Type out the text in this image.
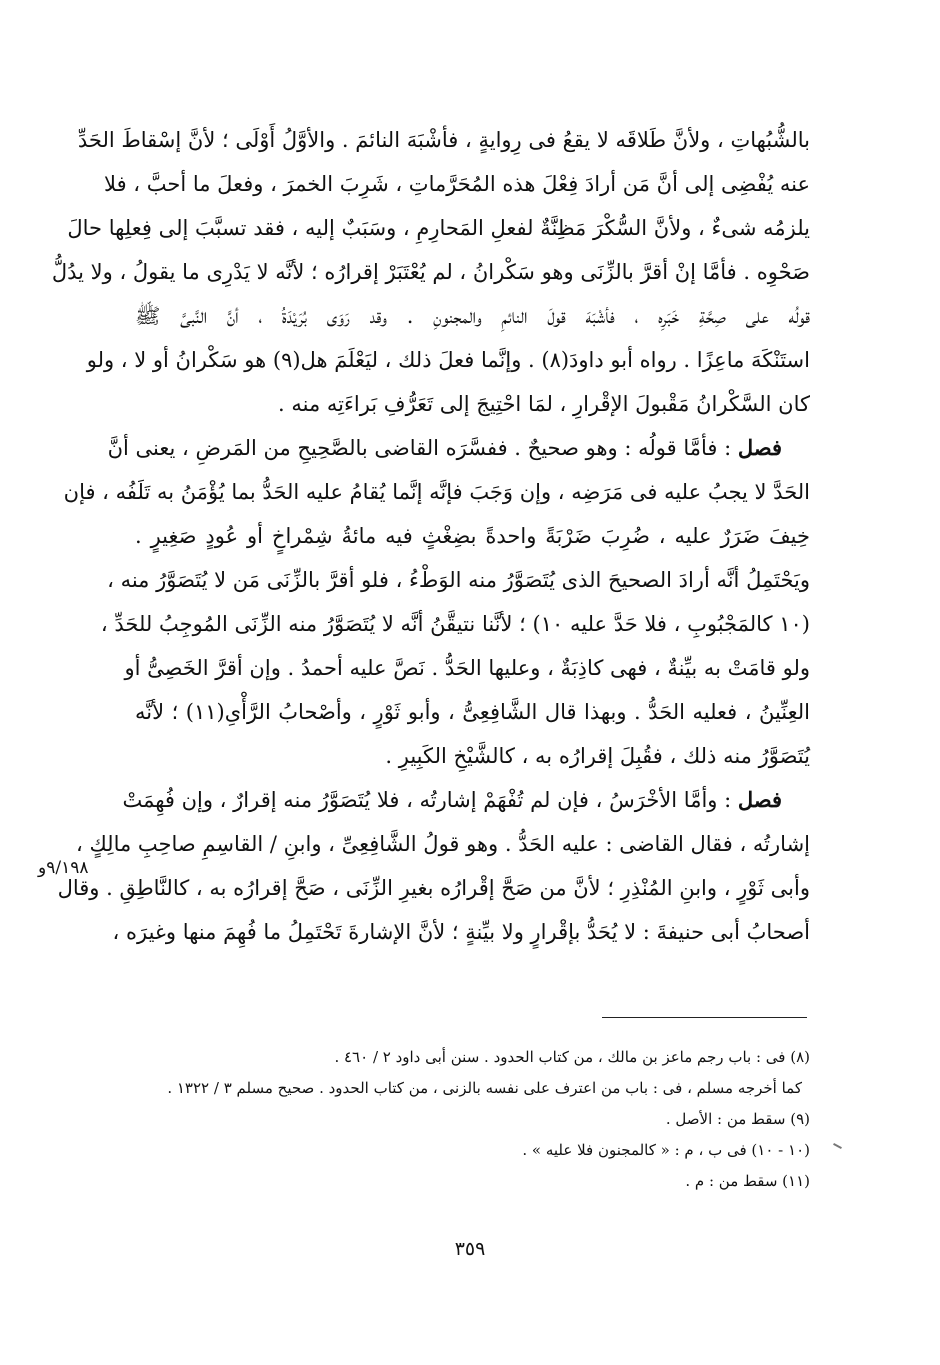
بالشُّبُهاتِ ، ولأنَّ طَلاقَه لا يقعُ فى رِوايةٍ ، فأشْبَهَ النائمَ . والأوَّلُ أَوْلَى ؛ لأنَّ إسْقاطَ الحَدِّ
عنه يُفْضِى إلى أنَّ مَن أرادَ فِعْلَ هذه المُحَرَّماتِ ، شَرِبَ الخمرَ ، وفعلَ ما أحبَّ ، فلا
يلزمُه شىءٌ ، ولأنَّ السُّكْرَ مَظِنَّةٌ لفعلِ المَحارِمِ ، وسَبَبٌ إليه ، فقد تسبَّبَ إلى فِعلِها حالَ
صَحْوِه . فأمَّا إنْ أقرَّ بالزِّنَى وهو سَكْرانُ ، لم يُعْتَبَرْ إقرارُه ؛ لأنَّه لا يَدْرِى ما يقولُ ، ولا يدُلُّ
قولُه على صِحَّةِ خَبَرِه ، فأشْبَهَ قولَ النائمِ والمجنونِ . وقد رَوَى بُرَيْدَةُ ، أنَّ النَّبىَّ ﷺ
استَنْكَهَ ماعِزًا . رواه أبو داودَ(٨) . وإنَّما فعلَ ذلك ، ليَعْلَمَ هل(٩) هو سَكْرانُ أو لا ، ولو
كان السَّكْرانُ مَقْبولَ الإقْرارِ ، لمَا احْتِيجَ إلى تَعَرُّفِ بَراءَتِه منه .
فصل : فأمَّا قولُه : وهو صحيحٌ . ففسَّرَه القاضى بالصَّحِيحِ من المَرضِ ، يعنى أنَّ
الحَدَّ لا يجبُ عليه فى مَرَضِه ، وإن وَجَبَ فإنَّه إنَّما يُقامُ عليه الحَدُّ بما يُؤْمَنُ به تَلَفُه ، فإن
خِيفَ ضَرَرٌ عليه ، ضُرِبَ ضَرْبَةً واحدةً بضِغْثٍ فيه مائةُ شِمْراخٍ أو عُودٍ صَغِيرٍ .
ويَحْتَمِلُ أنَّه أرادَ الصحيحَ الذى يُتَصَوَّرُ منه الوَطْءُ ، فلو أقرَّ بالزِّنَى مَن لا يُتَصَوَّرُ منه ،
(١٠ كالمَجْبُوبِ ، فلا حَدَّ عليه ١٠) ؛ لأنَّنا نتيقَّنُ أنَّه لا يُتَصَوَّرُ منه الزِّنَى المُوجِبُ للحَدِّ ،
ولو قامَتْ به بيِّنةٌ ، فهى كاذِبَةٌ ، وعليها الحَدُّ . نَصَّ عليه أحمدُ . وإن أقرَّ الخَصِىُّ أو
العِنِّينُ ، فعليه الحَدُّ . وبهذا قال الشَّافِعِىُّ ، وأبو ثَوْرٍ ، وأصْحابُ الرَّأْىِ(١١) ؛ لأنَّه
يُتَصَوَّرُ منه ذلك ، فقُبِلَ إقرارُه به ، كالشَّيْخِ الكَبِيرِ .
فصل : وأمَّا الأخْرَسُ ، فإن لم تُفْهَمْ إشارتُه ، فلا يُتَصَوَّرُ منه إقرارٌ ، وإن فُهِمَتْ
إشارتُه ، فقال القاضى : عليه الحَدُّ . وهو قولُ الشَّافِعِىِّ ، وابنِ / القاسِمِ صاحِبِ مالِكٍ ،
وأبى ثَوْرٍ ، وابنِ المُنْذِرِ ؛ لأنَّ من صَحَّ إقْرارُه بغيرِ الزِّنَى ، صَحَّ إقرارُه به ، كالنَّاطِقِ . وقال
أصحابُ أبى حنيفةَ : لا يُحَدُّ بإقْرارٍ ولا بيِّنةٍ ؛ لأنَّ الإشارةَ تَحْتَمِلُ ما فُهِمَ منها وغيرَه ،
٩/١٩٨و
(٨) فى : باب رجم ماعز بن مالك ، من كتاب الحدود . سنن أبى داود ٢ / ٤٦٠ .
كما أخرجه مسلم ، فى : باب من اعترف على نفسه بالزنى ، من كتاب الحدود . صحيح مسلم ٣ / ١٣٢٢ .
(٩) سقط من : الأصل .
(١٠ - ١٠) فى ب ، م : « كالمجنون فلا عليه » .
(١١) سقط من : م .
٣٥٩
